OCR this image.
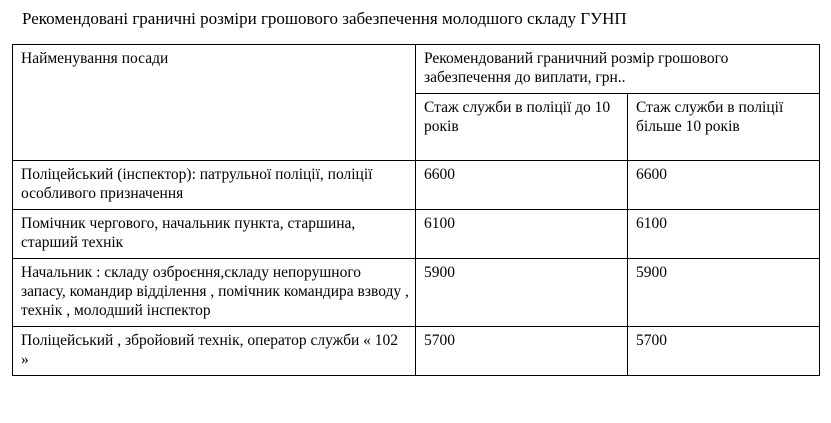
Рекомендовані граничні розміри грошового забезпечення молодшого складу ГУНП
Найменування посади	Рекомендований граничний розмір грошового забезпечення до виплати, грн..	
	Стаж служби в поліції до 10 років	Стаж служби в поліції більше 10 років
Поліцейський (інспектор): патрульної поліції, поліції особливого призначення	6600	6600
Помічник чергового, начальник пункта, старшина, старший технік	6100	6100
Начальник : складу озброєння,складу непорушного запасу, командир відділення , помічник командира взводу , технік , молодший інспектор	5900	5900
Поліцейський , збройовий технік, оператор служби « 102 »	5700	5700
